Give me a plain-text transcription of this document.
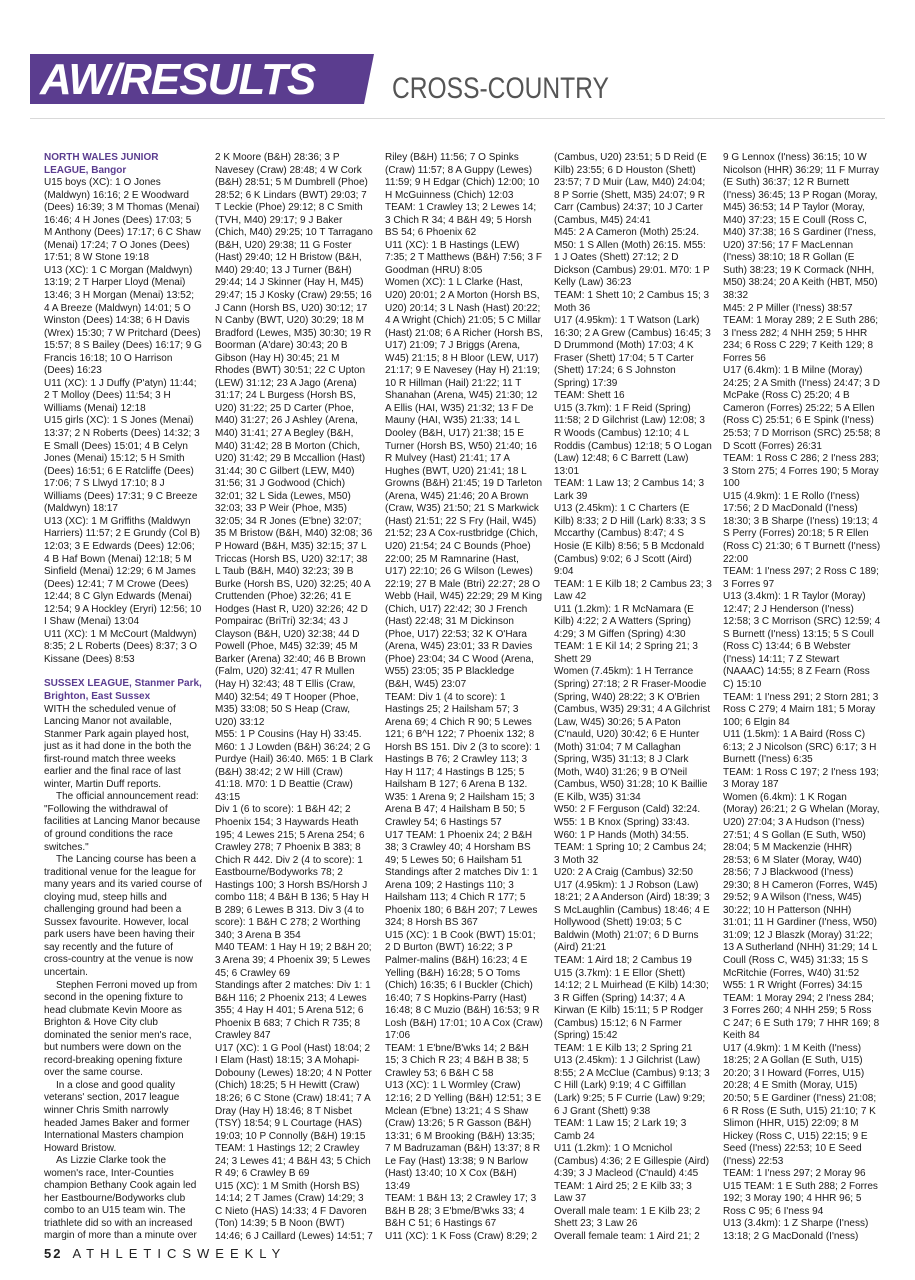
AW/RESULTS	CROSS-COUNTRY

NORTH WALES JUNIOR LEAGUE, Bangor

U15 boys (XC): 1 O Jones (Maldwyn) 16:16; 2 E Woodward (Dees) 16:39; 3 M Thomas (Menai) 16:46; 4 H Jones (Dees) 17:03; 5 M Anthony (Dees) 17:17; 6 C Shaw (Menai) 17:24; 7 O Jones (Dees) 17:51; 8 W Stone 19:18

U13 (XC): 1 C Morgan (Maldwyn) 13:19; 2 T Harper Lloyd (Menai) 13:46; 3 H Morgan (Menai) 13:52; 4 A Breeze (Maldwyn) 14:01; 5 O Winston (Dees) 14:38; 6 H Davis (Wrex) 15:30; 7 W Pritchard (Dees) 15:57; 8 S Bailey (Dees) 16:17; 9 G Francis 16:18; 10 O Harrison (Dees) 16:23

U11 (XC): 1 J Duffy (P'atyn) 11:44; 2 T Molloy (Dees) 11:54; 3 H Williams (Menai) 12:18

U15 girls (XC): 1 S Jones (Menai) 13:37; 2 N Roberts (Dees) 14:32; 3 E Small (Dees) 15:01; 4 B Celyn Jones (Menai) 15:12; 5 H Smith (Dees) 16:51; 6 E Ratcliffe (Dees) 17:06; 7 S Llwyd 17:10; 8 J Williams (Dees) 17:31; 9 C Breeze (Maldwyn) 18:17

U13 (XC): 1 M Griffiths (Maldwyn Harriers) 11:57; 2 E Grundy (Col B) 12:03; 3 E Edwards (Dees) 12:06; 4 B Haf Bown (Menai) 12:18; 5 M Sinfield (Menai) 12:29; 6 M James (Dees) 12:41; 7 M Crowe (Dees) 12:44; 8 C Glyn Edwards (Menai) 12:54; 9 A Hockley (Eryri) 12:56; 10 I Shaw (Menai) 13:04

U11 (XC): 1 M McCourt (Maldwyn) 8:35; 2 L Roberts (Dees) 8:37; 3 O Kissane (Dees) 8:53

SUSSEX LEAGUE, Stanmer Park, Brighton, East Sussex

WITH the scheduled venue of Lancing Manor not available, Stanmer Park again played host, just as it had done in the both the first-round match three weeks earlier and the final race of last winter, Martin Duff reports.

The official announcement read: "Following the withdrawal of facilities at Lancing Manor because of ground conditions the race switches."

The Lancing course has been a traditional venue for the league for many years and its varied course of cloying mud, steep hills and challenging ground had been a Sussex favourite. However, local park users have been having their say recently and the future of cross-country at the venue is now uncertain.

Stephen Ferroni moved up from second in the opening fixture to head clubmate Kevin Moore as Brighton & Hove City club dominated the senior men's race, but numbers were down on the record-breaking opening fixture over the same course.

In a close and good quality veterans' section, 2017 league winner Chris Smith narrowly headed James Baker and former International Masters champion Howard Bristow.

As Lizzie Clarke took the women's race, Inter-Counties champion Bethany Cook again led her Eastbourne/Bodyworks club combo to an U15 team win. The triathlete did so with an increased margin of more than a minute over

2 K Moore (B&H) 28:36; 3 P Navesey (Craw) 28:48; 4 W Cork (B&H) 28:51; 5 M Dumbrell (Phoe) 28:52; 6 K Lindars (BWT) 29:03; 7 T Leckie (Phoe) 29:12; 8 C Smith (TVH, M40) 29:17; 9 J Baker (Chich, M40) 29:25; 10 T Tarragano (B&H, U20) 29:38; 11 G Foster (Hast) 29:40; 12 H Bristow (B&H, M40) 29:40; 13 J Turner (B&H) 29:44; 14 J Skinner (Hay H, M45) 29:47; 15 J Kosky (Craw) 29:55; 16 J Cann (Horsh BS, U20) 30:12; 17 N Canby (BWT, U20) 30:29; 18 M Bradford (Lewes, M35) 30:30; 19 R Boorman (A'dare) 30:43; 20 B Gibson (Hay H) 30:45; 21 M Rhodes (BWT) 30:51; 22 C Upton (LEW) 31:12; 23 A Jago (Arena) 31:17; 24 L Burgess (Horsh BS, U20) 31:22; 25 D Carter (Phoe, M40) 31:27; 26 J Ashley (Arena, M40) 31:41; 27 A Begley (B&H, M40) 31:42; 28 B Morton (Chich, U20) 31:42; 29 B Mccallion (Hast) 31:44; 30 C Gilbert (LEW, M40) 31:56; 31 J Godwood (Chich) 32:01; 32 L Sida (Lewes, M50) 32:03; 33 P Weir (Phoe, M35) 32:05; 34 R Jones (E'bne) 32:07; 35 M Bristow (B&H, M40) 32:08; 36 P Howard (B&H, M35) 32:15; 37 L Triccas (Horsh BS, U20) 32:17; 38 L Taub (B&H, M40) 32:23; 39 B Burke (Horsh BS, U20) 32:25; 40 A Cruttenden (Phoe) 32:26; 41 E Hodges (Hast R, U20) 32:26; 42 D Pompairac (BriTri) 32:34; 43 J Clayson (B&H, U20) 32:38; 44 D Powell (Phoe, M45) 32:39; 45 M Barker (Arena) 32:40; 46 B Brown (Falm, U20) 32:41; 47 R Mullen (Hay H) 32:43; 48 T Ellis (Craw, M40) 32:54; 49 T Hooper (Phoe, M35) 33:08; 50 S Heap (Craw, U20) 33:12

M55: 1 P Cousins (Hay H) 33:45. M60: 1 J Lowden (B&H) 36:24; 2 G Purdye (Hail) 36:40. M65: 1 B Clark (B&H) 38:42; 2 W Hill (Craw) 41:18. M70: 1 D Beattie (Craw) 43:15

Div 1 (6 to score): 1 B&H 42; 2 Phoenix 154; 3 Haywards Heath 195; 4 Lewes 215; 5 Arena 254; 6 Crawley 278; 7 Phoenix B 383; 8 Chich R 442. Div 2 (4 to score): 1 Eastbourne/Bodyworks 78; 2 Hastings 100; 3 Horsh BS/Horsh J combo 118; 4 B&H B 136; 5 Hay H B 289; 6 Lewes B 313. Div 3 (4 to score): 1 B&H C 278; 2 Worthing 340; 3 Arena B 354

M40 TEAM: 1 Hay H 19; 2 B&H 20; 3 Arena 39; 4 Phoenix 39; 5 Lewes 45; 6 Crawley 69

Standings after 2 matches: Div 1: 1 B&H 116; 2 Phoenix 213; 4 Lewes 355; 4 Hay H 401; 5 Arena 512; 6 Phoenix B 683; 7 Chich R 735; 8 Crawley 847

U17 (XC): 1 G Pool (Hast) 18:04; 2 I Elam (Hast) 18:15; 3 A Mohapi-Dobouny (Lewes) 18:20; 4 N Potter (Chich) 18:25; 5 H Hewitt (Craw) 18:26; 6 C Stone (Craw) 18:41; 7 A Dray (Hay H) 18:46; 8 T Nisbet (TSY) 18:54; 9 L Courtage (HAS) 19:03; 10 P Connolly (B&H) 19:15

TEAM: 1 Hastings 12; 2 Crawley 24; 3 Lewes 41; 4 B&H 43; 5 Chich R 49; 6 Crawley B 69

U15 (XC): 1 M Smith (Horsh BS) 14:14; 2 T James (Craw) 14:29; 3 C Nieto (HAS) 14:33; 4 F Davoren (Ton) 14:39; 5 B Noon (BWT) 14:46; 6 J Caillard (Lewes) 14:51; 7

Riley (B&H) 11:56; 7 O Spinks (Craw) 11:57; 8 A Guppy (Lewes) 11:59; 9 H Edgar (Chich) 12:00; 10 H McGuinness (Chich) 12:03

TEAM: 1 Crawley 13; 2 Lewes 14; 3 Chich R 34; 4 B&H 49; 5 Horsh BS 54; 6 Phoenix 62

U11 (XC): 1 B Hastings (LEW) 7:35; 2 T Matthews (B&H) 7:56; 3 F Goodman (HRU) 8:05

Women (XC): 1 L Clarke (Hast, U20) 20:01; 2 A Morton (Horsh BS, U20) 20:14; 3 L Nash (Hast) 20:22; 4 A Wright (Chich) 21:05; 5 C Millar (Hast) 21:08; 6 A Richer (Horsh BS, U17) 21:09; 7 J Briggs (Arena, W45) 21:15; 8 H Bloor (LEW, U17) 21:17; 9 E Navesey (Hay H) 21:19; 10 R Hillman (Hail) 21:22; 11 T Shanahan (Arena, W45) 21:30; 12 A Ellis (HAI, W35) 21:32; 13 F De Mauny (HAI, W35) 21:33; 14 L Dooley (B&H, U17) 21:38; 15 E Turner (Horsh BS, W50) 21:40; 16 R Mulvey (Hast) 21:41; 17 A Hughes (BWT, U20) 21:41; 18 L Growns (B&H) 21:45; 19 D Tarleton (Arena, W45) 21:46; 20 A Brown (Craw, W35) 21:50; 21 S Markwick (Hast) 21:51; 22 S Fry (Hail, W45) 21:52; 23 A Cox-rustbridge (Chich, U20) 21:54; 24 C Bounds (Phoe) 22:00; 25 M Ramnarine (Hast, U17) 22:10; 26 G Wilson (Lewes) 22:19; 27 B Male (Btri) 22:27; 28 O Webb (Hail, W45) 22:29; 29 M King (Chich, U17) 22:42; 30 J French (Hast) 22:48; 31 M Dickinson (Phoe, U17) 22:53; 32 K O'Hara (Arena, W45) 23:01; 33 R Davies (Phoe) 23:04; 34 C Wood (Arena, W55) 23:05; 35 P Blackledge (B&H, W45) 23:07

TEAM: Div 1 (4 to score): 1 Hastings 25; 2 Hailsham 57; 3 Arena 69; 4 Chich R 90; 5 Lewes 121; 6 B^H 122; 7 Phoenix 132; 8 Horsh BS 151. Div 2 (3 to score): 1 Hastings B 76; 2 Crawley 113; 3 Hay H 117; 4 Hastings B 125; 5 Hailsham B 127; 6 Arena B 132. W35: 1 Arena 9; 2 Hailsham 15; 3 Arena B 47; 4 Hailsham B 50; 5 Crawley 54; 6 Hastings 57

U17 TEAM: 1 Phoenix 24; 2 B&H 38; 3 Crawley 40; 4 Horsham BS 49; 5 Lewes 50; 6 Hailsham 51

Standings after 2 matches Div 1: 1 Arena 109; 2 Hastings 110; 3 Hailsham 113; 4 Chich R 177; 5 Phoenix 180; 6 B&H 207; 7 Lewes 324; 8 Horsh BS 367

U15 (XC): 1 B Cook (BWT) 15:01; 2 D Burton (BWT) 16:22; 3 P Palmer-malins (B&H) 16:23; 4 E Yelling (B&H) 16:28; 5 O Toms (Chich) 16:35; 6 I Buckler (Chich) 16:40; 7 S Hopkins-Parry (Hast) 16:48; 8 C Muzio (B&H) 16:53; 9 R Losh (B&H) 17:01; 10 A Cox (Craw) 17:06

TEAM: 1 E'bne/B'wks 14; 2 B&H 15; 3 Chich R 23; 4 B&H B 38; 5 Crawley 53; 6 B&H C 58

U13 (XC): 1 L Wormley (Craw) 12:16; 2 D Yelling (B&H) 12:51; 3 E Mclean (E'bne) 13:21; 4 S Shaw (Craw) 13:26; 5 R Gasson (B&H) 13:31; 6 M Brooking (B&H) 13:35; 7 M Badruzaman (B&H) 13:37; 8 R Le Fay (Hast) 13:38; 9 N Barlow (Hast) 13:40; 10 X Cox (B&H) 13:49

TEAM: 1 B&H 13; 2 Crawley 17; 3 B&H B 28; 3 E'bme/B'wks 33; 4 B&H C 51; 6 Hastings 67

U11 (XC): 1 K Foss (Craw) 8:29; 2

(Cambus, U20) 23:51; 5 D Reid (E Kilb) 23:55; 6 D Houston (Shett) 23:57; 7 D Muir (Law, M40) 24:04; 8 P Sorrie (Shett, M35) 24:07; 9 R Carr (Cambus) 24:37; 10 J Carter (Cambus, M45) 24:41

M45: 2 A Cameron (Moth) 25:24. M50: 1 S Allen (Moth) 26:15. M55: 1 J Oates (Shett) 27:12; 2 D Dickson (Cambus) 29:01. M70: 1 P Kelly (Law) 36:23

TEAM: 1 Shett 10; 2 Cambus 15; 3 Moth 36

U17 (4.95km): 1 T Watson (Lark) 16:30; 2 A Grew (Cambus) 16:45; 3 D Drummond (Moth) 17:03; 4 K Fraser (Shett) 17:04; 5 T Carter (Shett) 17:24; 6 S Johnston (Spring) 17:39

TEAM: Shett 16

U15 (3.7km): 1 F Reid (Spring) 11:58; 2 D Gilchrist (Law) 12:08; 3 R Woods (Cambus) 12:10; 4 L Roddis (Cambus) 12:18; 5 O Logan (Law) 12:48; 6 C Barrett (Law) 13:01

TEAM: 1 Law 13; 2 Cambus 14; 3 Lark 39

U13 (2.45km): 1 C Charters (E Kilb) 8:33; 2 D Hill (Lark) 8:33; 3 S Mccarthy (Cambus) 8:47; 4 S Hosie (E Kilb) 8:56; 5 B Mcdonald (Cambus) 9:02; 6 J Scott (Aird) 9:04

TEAM: 1 E Kilb 18; 2 Cambus 23; 3 Law 42

U11 (1.2km): 1 R McNamara (E Kilb) 4:22; 2 A Watters (Spring) 4:29; 3 M Giffen (Spring) 4:30

TEAM: 1 E Kil 14; 2 Spring 21; 3 Shett 29

Women (7.45km): 1 H Terrance (Spring) 27:18; 2 R Fraser-Moodie (Spring, W40) 28:22; 3 K O'Brien (Cambus, W35) 29:31; 4 A Gilchrist (Law, W45) 30:26; 5 A Paton (C'nauld, U20) 30:42; 6 E Hunter (Moth) 31:04; 7 M Callaghan (Spring, W35) 31:13; 8 J Clark (Moth, W40) 31:26; 9 B O'Neil (Cambus, W50) 31:28; 10 K Baillie (E Kilb, W35) 31:34

W50: 2 F Ferguson (Cald) 32:24. W55: 1 B Knox (Spring) 33:43. W60: 1 P Hands (Moth) 34:55. TEAM: 1 Spring 10; 2 Cambus 24; 3 Moth 32

U20: 2 A Craig (Cambus) 32:50

U17 (4.95km): 1 J Robson (Law) 18:21; 2 A Anderson (Aird) 18:39; 3 S McLaughlin (Cambus) 18:46; 4 E Hollywood (Shett) 19:03; 5 C Baldwin (Moth) 21:07; 6 D Burns (Aird) 21:21

TEAM: 1 Aird 18; 2 Cambus 19

U15 (3.7km): 1 E Ellor (Shett) 14:12; 2 L Muirhead (E Kilb) 14:30; 3 R Giffen (Spring) 14:37; 4 A Kirwan (E Kilb) 15:11; 5 P Rodger (Cambus) 15:12; 6 N Farmer (Spring) 15:42

TEAM: 1 E Kilb 13; 2 Spring 21

U13 (2.45km): 1 J Gilchrist (Law) 8:55; 2 A McClue (Cambus) 9:13; 3 C Hill (Lark) 9:19; 4 C Giffillan (Lark) 9:25; 5 F Currie (Law) 9:29; 6 J Grant (Shett) 9:38

TEAM: 1 Law 15; 2 Lark 19; 3 Camb 24

U11 (1.2km): 1 O Mcnichol (Cambus) 4:36; 2 E Gillespie (Aird) 4:39; 3 J Macleod (C'nauld) 4:45

TEAM: 1 Aird 25; 2 E Kilb 33; 3 Law 37

Overall male team: 1 E Kilb 23; 2 Shett 23; 3 Law 26

Overall female team: 1 Aird 21; 2

9 G Lennox (I'ness) 36:15; 10 W Nicolson (HHR) 36:29; 11 F Murray (E Suth) 36:37; 12 R Burnett (I'ness) 36:45; 13 P Rogan (Moray, M45) 36:53; 14 P Taylor (Moray, M40) 37:23; 15 E Coull (Ross C, M40) 37:38; 16 S Gardiner (I'ness, U20) 37:56; 17 F MacLennan (I'ness) 38:10; 18 R Gollan (E Suth) 38:23; 19 K Cormack (NHH, M50) 38:24; 20 A Keith (HBT, M50) 38:32

M45: 2 P Miller (I'ness) 38:57

TEAM: 1 Moray 289; 2 E Suth 286; 3 I'ness 282; 4 NHH 259; 5 HHR 234; 6 Ross C 229; 7 Keith 129; 8 Forres 56

U17 (6.4km): 1 B Milne (Moray) 24:25; 2 A Smith (I'ness) 24:47; 3 D McPake (Ross C) 25:20; 4 B Cameron (Forres) 25:22; 5 A Ellen (Ross C) 25:51; 6 E Spink (I'ness) 25:53; 7 D Morrison (SRC) 25:58; 8 D Scott (Forres) 26:31

TEAM: 1 Ross C 286; 2 I'ness 283; 3 Storn 275; 4 Forres 190; 5 Moray 100

U15 (4.9km): 1 E Rollo (I'ness) 17:56; 2 D MacDonald (I'ness) 18:30; 3 B Sharpe (I'ness) 19:13; 4 S Perry (Forres) 20:18; 5 R Ellen (Ross C) 21:30; 6 T Burnett (I'ness) 22:00

TEAM: 1 I'ness 297; 2 Ross C 189; 3 Forres 97

U13 (3.4km): 1 R Taylor (Moray) 12:47; 2 J Henderson (I'ness) 12:58; 3 C Morrison (SRC) 12:59; 4 S Burnett (I'ness) 13:15; 5 S Coull (Ross C) 13:44; 6 B Webster (I'ness) 14:11; 7 Z Stewart (NAAAC) 14:55; 8 Z Fearn (Ross C) 15:10

TEAM: 1 I'ness 291; 2 Storn 281; 3 Ross C 279; 4 Mairn 181; 5 Moray 100; 6 Elgin 84

U11 (1.5km): 1 A Baird (Ross C) 6:13; 2 J Nicolson (SRC) 6:17; 3 H Burnett (I'ness) 6:35

TEAM: 1 Ross C 197; 2 I'ness 193; 3 Moray 187

Women (6.4km): 1 K Rogan (Moray) 26:21; 2 G Whelan (Moray, U20) 27:04; 3 A Hudson (I'ness) 27:51; 4 S Gollan (E Suth, W50) 28:04; 5 M Mackenzie (HHR) 28:53; 6 M Slater (Moray, W40) 28:56; 7 J Blackwood (I'ness) 29:30; 8 H Cameron (Forres, W45) 29:52; 9 A Wilson (I'ness, W45) 30:22; 10 H Patterson (NHH) 31:01; 11 H Gardiner (I'ness, W50) 31:09; 12 J Blaszk (Moray) 31:22; 13 A Sutherland (NHH) 31:29; 14 L Coull (Ross C, W45) 31:33; 15 S McRitchie (Forres, W40) 31:52

W55: 1 R Wright (Forres) 34:15

TEAM: 1 Moray 294; 2 I'ness 284; 3 Forres 260; 4 NHH 259; 5 Ross C 247; 6 E Suth 179; 7 HHR 169; 8 Keith 84

U17 (4.9km): 1 M Keith (I'ness) 18:25; 2 A Gollan (E Suth, U15) 20:20; 3 I Howard (Forres, U15) 20:28; 4 E Smith (Moray, U15) 20:50; 5 E Gardiner (I'ness) 21:08; 6 R Ross (E Suth, U15) 21:10; 7 K Slimon (HHR, U15) 22:09; 8 M Hickey (Ross C, U15) 22:15; 9 E Seed (I'ness) 22:53; 10 E Seed (I'ness) 22:53

TEAM: 1 I'ness 297; 2 Moray 96

U15 TEAM: 1 E Suth 288; 2 Forres 192; 3 Moray 190; 4 HHR 96; 5 Ross C 95; 6 I'ness 94

U13 (3.4km): 1 Z Sharpe (I'ness) 13:18; 2 G MacDonald (I'ness)

52 ATHLETICSWEEKLY
